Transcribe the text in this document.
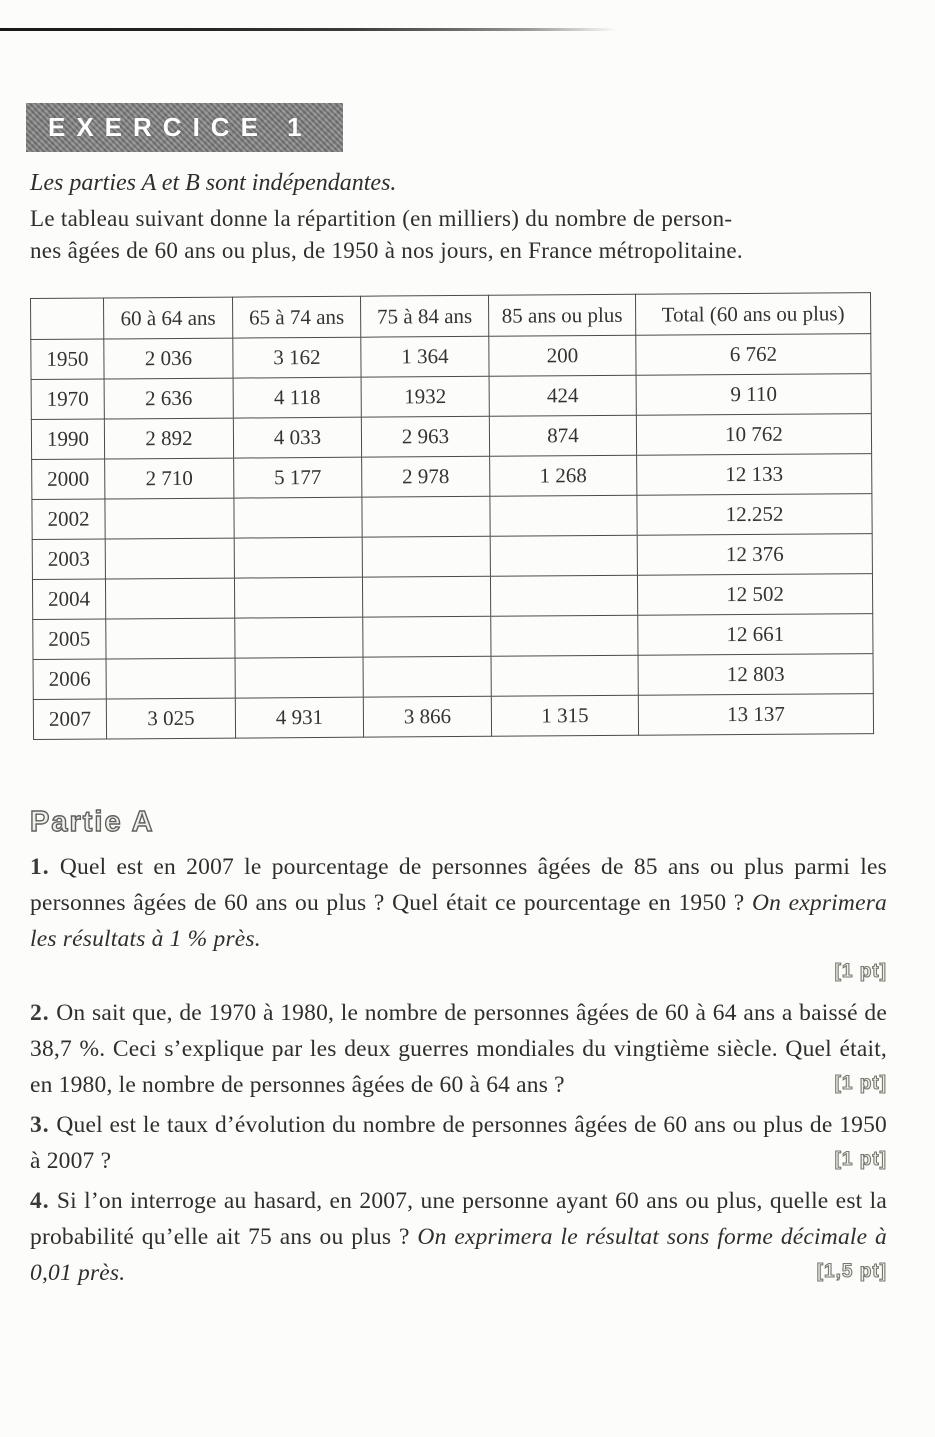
EXERCICE 1
Les parties A et B sont indépendantes.
Le tableau suivant donne la répartition (en milliers) du nombre de person-
nes âgées de 60 ans ou plus, de 1950 à nos jours, en France métropolitaine.
	60 à 64 ans	65 à 74 ans	75 à 84 ans	85 ans ou plus	Total (60 ans ou plus)
1950	2 036	3 162	1 364	200	6 762
1970	2 636	4 118	1932	424	9 110
1990	2 892	4 033	2 963	874	10 762
2000	2 710	5 177	2 978	1 268	12 133
2002					12.252
2003					12 376
2004					12 502
2005					12 661
2006					12 803
2007	3 025	4 931	3 866	1 315	13 137
Partie A

1. Quel est en 2007 le pourcentage de personnes âgées de 85 ans ou plus parmi les personnes âgées de 60 ans ou plus ? Quel était ce pourcentage en 1950 ? On exprimera les résultats à 1 % près.

[1 pt]

2. On sait que, de 1970 à 1980, le nombre de personnes âgées de 60 à 64 ans a baissé de 38,7 %. Ceci s’explique par les deux guerres mondiales du vingtième siècle. Quel était, en 1980, le nombre de personnes âgées de 60 à 64 ans ?	[1 pt]

3. Quel est le taux d’évolution du nombre de personnes âgées de 60 ans ou plus de 1950 à 2007 ?	[1 pt]

4. Si l’on interroge au hasard, en 2007, une personne ayant 60 ans ou plus, quelle est la probabilité qu’elle ait 75 ans ou plus ? On exprimera le résultat sons forme décimale à 0,01 près.	[1,5 pt]
